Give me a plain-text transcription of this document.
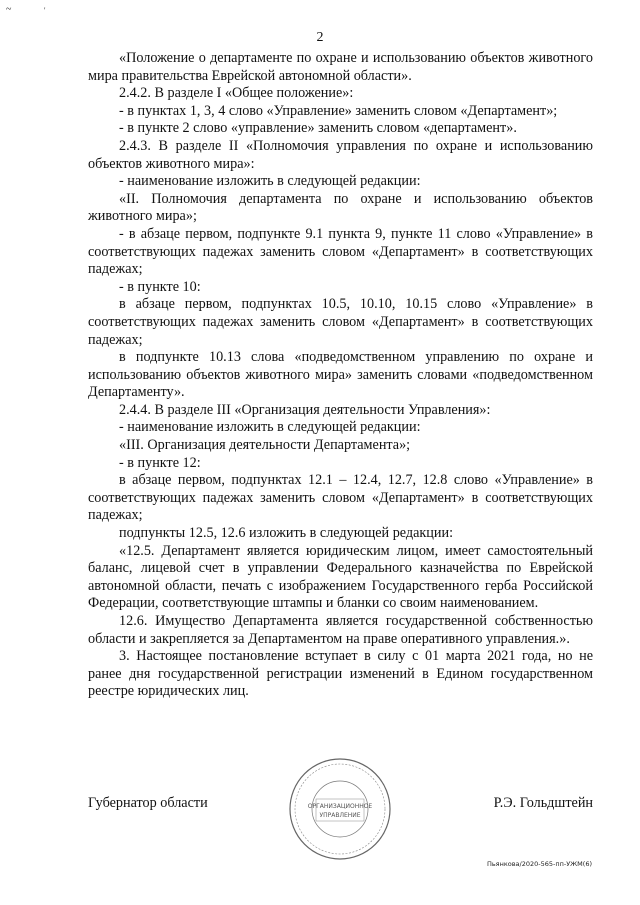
~	'
2

«Положение о департаменте по охране и использованию объектов животного мира правительства Еврейской автономной области».

2.4.2. В разделе I «Общее положение»:

- в пунктах 1, 3, 4 слово «Управление» заменить словом «Департамент»;

- в пункте 2 слово «управление» заменить словом «департамент».

2.4.3. В разделе II «Полномочия управления по охране и использованию объектов животного мира»:

- наименование изложить в следующей редакции:

«II. Полномочия департамента по охране и использованию объектов животного мира»;

- в абзаце первом, подпункте 9.1 пункта 9, пункте 11 слово «Управление» в соответствующих падежах заменить словом «Департамент» в соответствующих падежах;

- в пункте 10:

в абзаце первом, подпунктах 10.5, 10.10, 10.15 слово «Управление» в соответствующих падежах заменить словом «Департамент» в соответствующих падежах;

в подпункте 10.13 слова «подведомственном управлению по охране и использованию объектов животного мира» заменить словами «подведомственном Департаменту».

2.4.4. В разделе III «Организация деятельности Управления»:

- наименование изложить в следующей редакции:

«III. Организация деятельности Департамента»;

- в пункте 12:

в абзаце первом, подпунктах 12.1 – 12.4, 12.7, 12.8 слово «Управление» в соответствующих падежах заменить словом «Департамент» в соответствующих падежах;

подпункты 12.5, 12.6 изложить в следующей редакции:

«12.5. Департамент является юридическим лицом, имеет самостоятельный баланс, лицевой счет в управлении Федерального казначейства по Еврейской автономной области, печать с изображением Государственного герба Российской Федерации, соответствующие штампы и бланки со своим наименованием.

12.6. Имущество Департамента является государственной собственностью области и закрепляется за Департаментом на праве оперативного управления.».

3. Настоящее постановление вступает в силу с 01 марта 2021 года, но не ранее дня государственной регистрации изменений в Едином государственном реестре юридических лиц.

ОРГАНИЗАЦИОННОЕ
УПРАВЛЕНИЕ
Губернатор области	Р.Э. Гольдштейн
Пьянкова/2020-565-пп-УЖМ(6)
